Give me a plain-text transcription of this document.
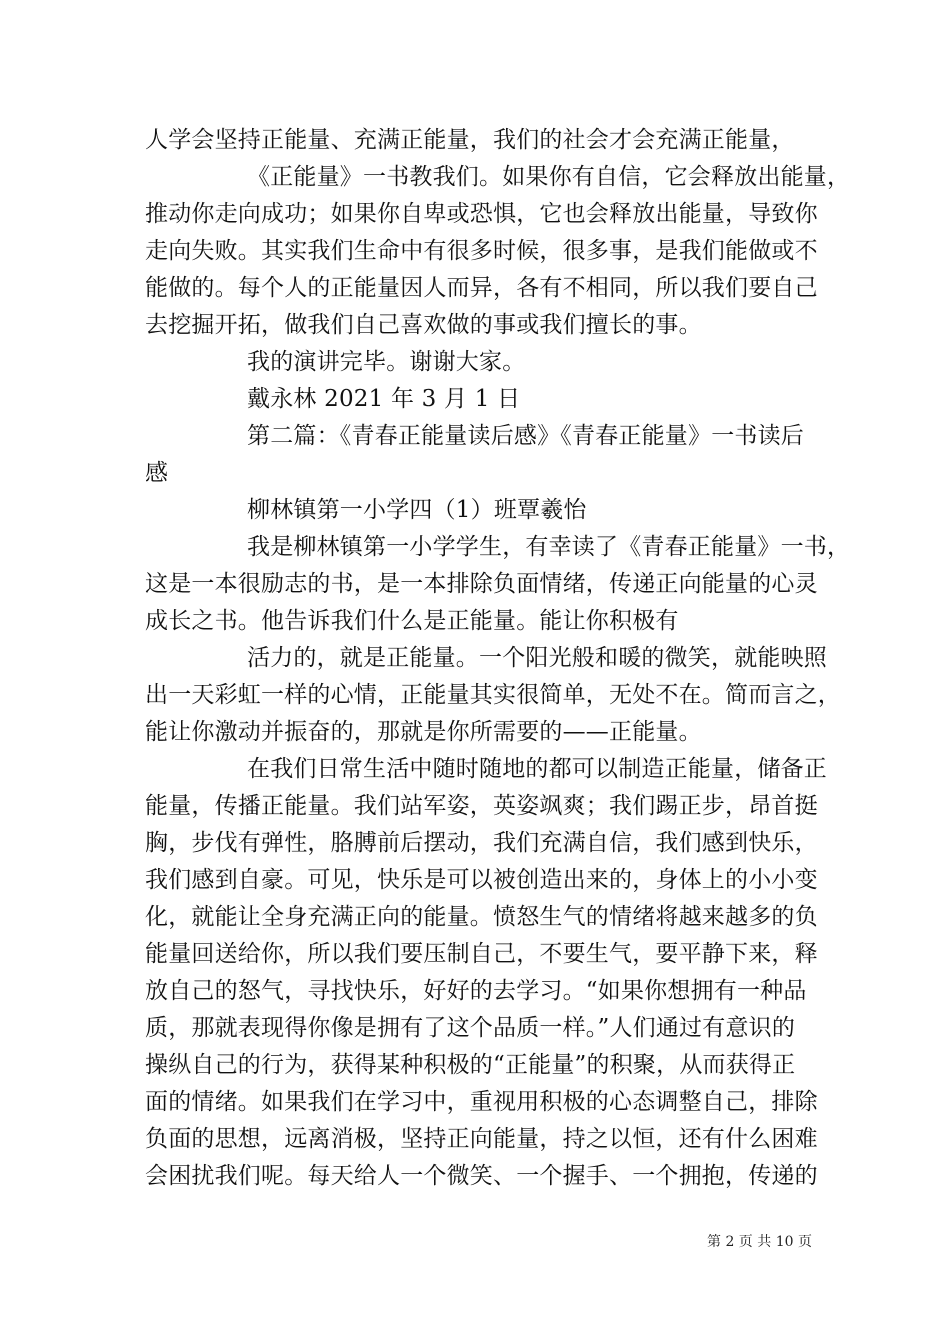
人学会坚持正能量、充满正能量，我们的社会才会充满正能量，
《正能量》一书教我们。如果你有自信，它会释放出能量，
推动你走向成功；如果你自卑或恐惧，它也会释放出能量，导致你
走向失败。其实我们生命中有很多时候，很多事，是我们能做或不
能做的。每个人的正能量因人而异，各有不相同，所以我们要自己
去挖掘开拓，做我们自己喜欢做的事或我们擅长的事。
我的演讲完毕。谢谢大家。
戴永林 2021 年 3 月 1 日
第二篇：《青春正能量读后感》《青春正能量》一书读后
感
柳林镇第一小学四（1）班覃羲怡
我是柳林镇第一小学学生，有幸读了《青春正能量》一书，
这是一本很励志的书，是一本排除负面情绪，传递正向能量的心灵
成长之书。他告诉我们什么是正能量。能让你积极有
活力的，就是正能量。一个阳光般和暖的微笑，就能映照
出一天彩虹一样的心情，正能量其实很简单，无处不在。简而言之，
能让你激动并振奋的，那就是你所需要的——正能量。
在我们日常生活中随时随地的都可以制造正能量，储备正
能量，传播正能量。我们站军姿，英姿飒爽；我们踢正步，昂首挺
胸，步伐有弹性，胳膊前后摆动，我们充满自信，我们感到快乐，
我们感到自豪。可见，快乐是可以被创造出来的，身体上的小小变
化，就能让全身充满正向的能量。愤怒生气的情绪将越来越多的负
能量回送给你，所以我们要压制自己，不要生气，要平静下来，释
放自己的怒气，寻找快乐，好好的去学习。“如果你想拥有一种品
质，那就表现得你像是拥有了这个品质一样。”人们通过有意识的
操纵自己的行为，获得某种积极的“正能量”的积聚，从而获得正
面的情绪。如果我们在学习中，重视用积极的心态调整自己，排除
负面的思想，远离消极，坚持正向能量，持之以恒，还有什么困难
会困扰我们呢。每天给人一个微笑、一个握手、一个拥抱，传递的
第 2 页 共 10 页
